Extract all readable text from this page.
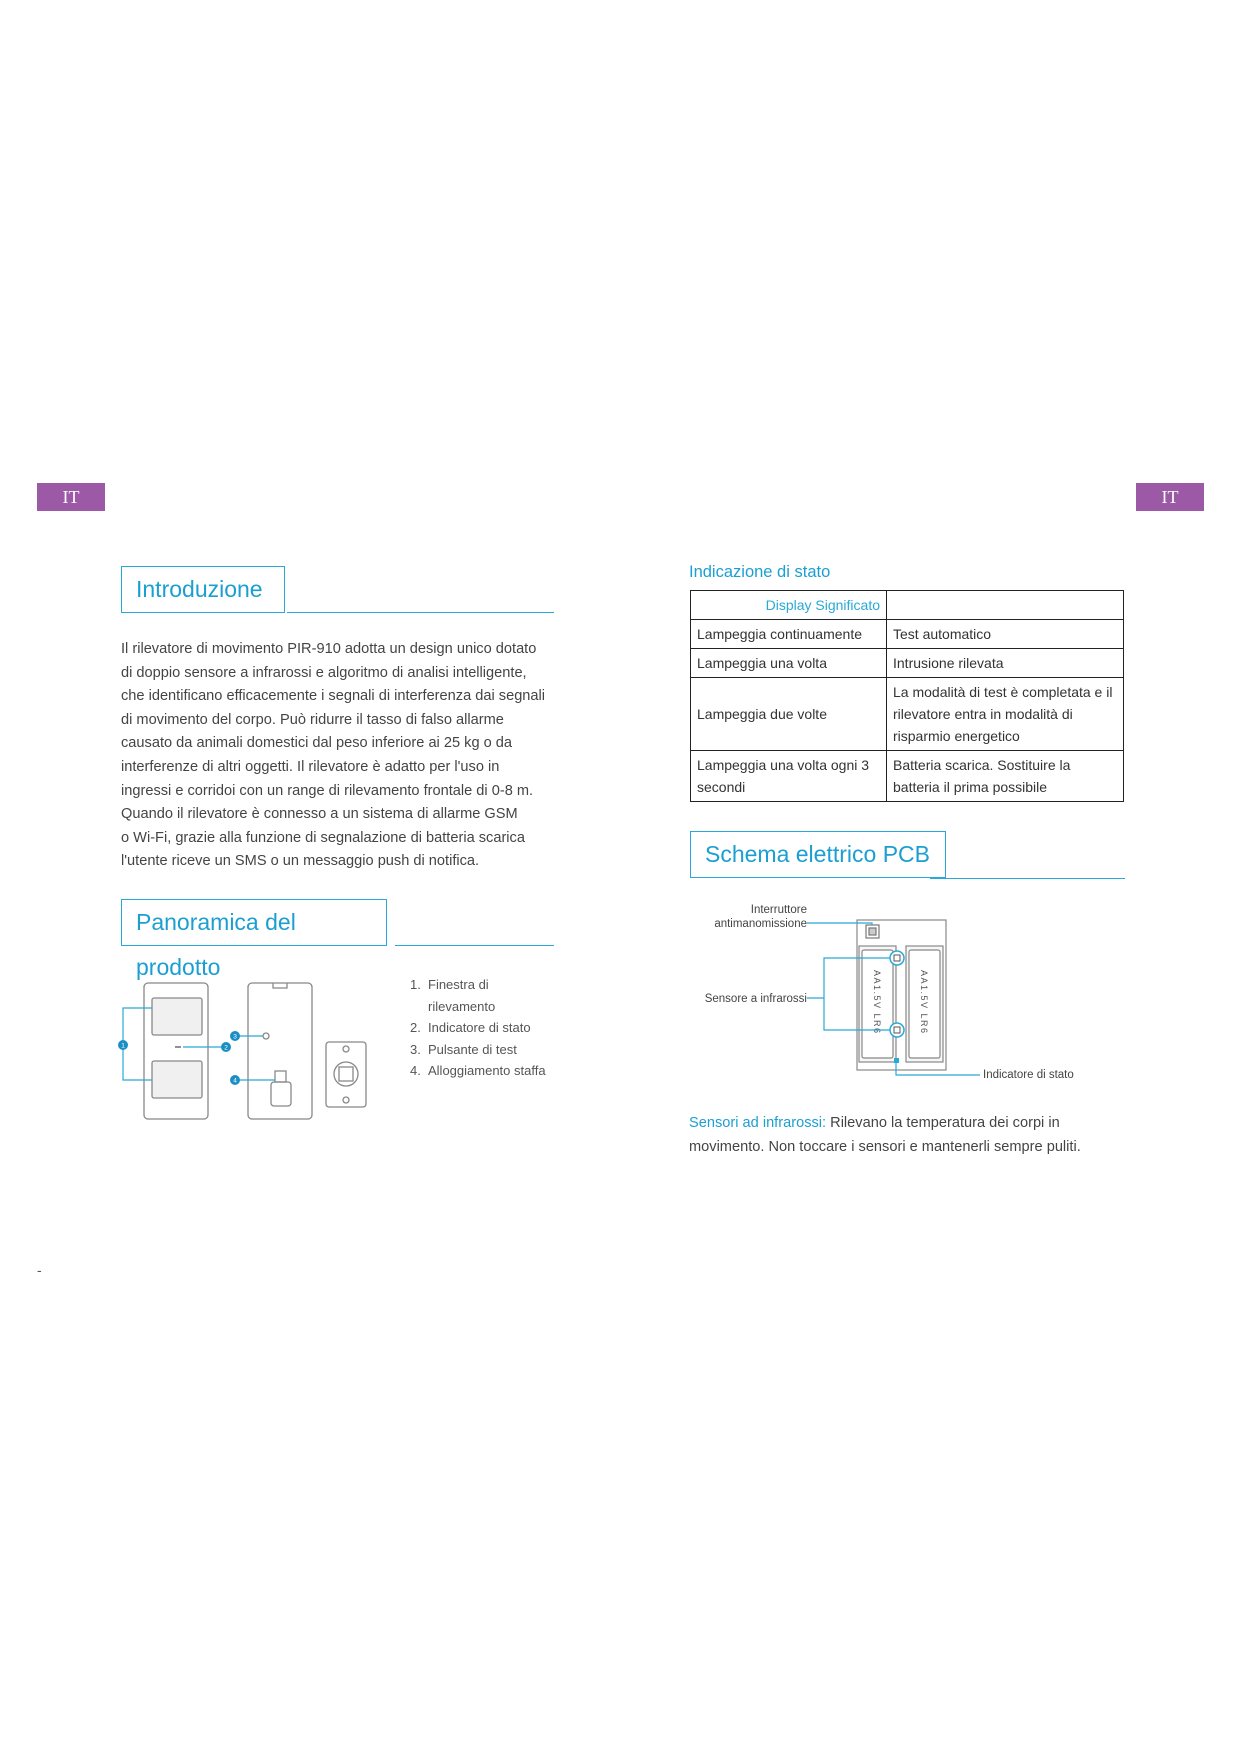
IT	IT
Introduzione

Il rilevatore di movimento PIR-910 adotta un design unico dotato

di doppio sensore a infrarossi e algoritmo di analisi intelligente,

che identificano efficacemente i segnali di interferenza dai segnali

di movimento del corpo. Può ridurre il tasso di falso allarme

causato da animali domestici dal peso inferiore ai 25 kg o da

interferenze di altri oggetti. Il rilevatore è adatto per l'uso in

ingressi e corridoi con un range di rilevamento frontale di 0-8 m.

Quando il rilevatore è connesso a un sistema di allarme GSM

o Wi-Fi, grazie alla funzione di segnalazione di batteria scarica

l'utente riceve un SMS o un messaggio push di notifica.

Panoramica del prodotto
1	2
3
4
1. Finestra di
rilevamento
2. Indicatore di stato
3. Pulsante di test
4. Alloggiamento staffa
-
Indicazione di stato
Display Significato	
Lampeggia continuamente	Test automatico
Lampeggia una volta	Intrusione rilevata
Lampeggia due volte	La modalità di test è completata e il rilevatore entra in modalità di risparmio energetico
Lampeggia una volta ogni 3 secondi	Batteria scarica. Sostituire la batteria il prima possibile
Schema elettrico PCB
Interruttore
antimanomissione
Sensore a infrarossi
Indicatore di stato
AA1.5V LR6	AA1.5V LR6
Sensori ad infrarossi: Rilevano la temperatura dei corpi in movimento. Non toccare i sensori e mantenerli sempre puliti.
